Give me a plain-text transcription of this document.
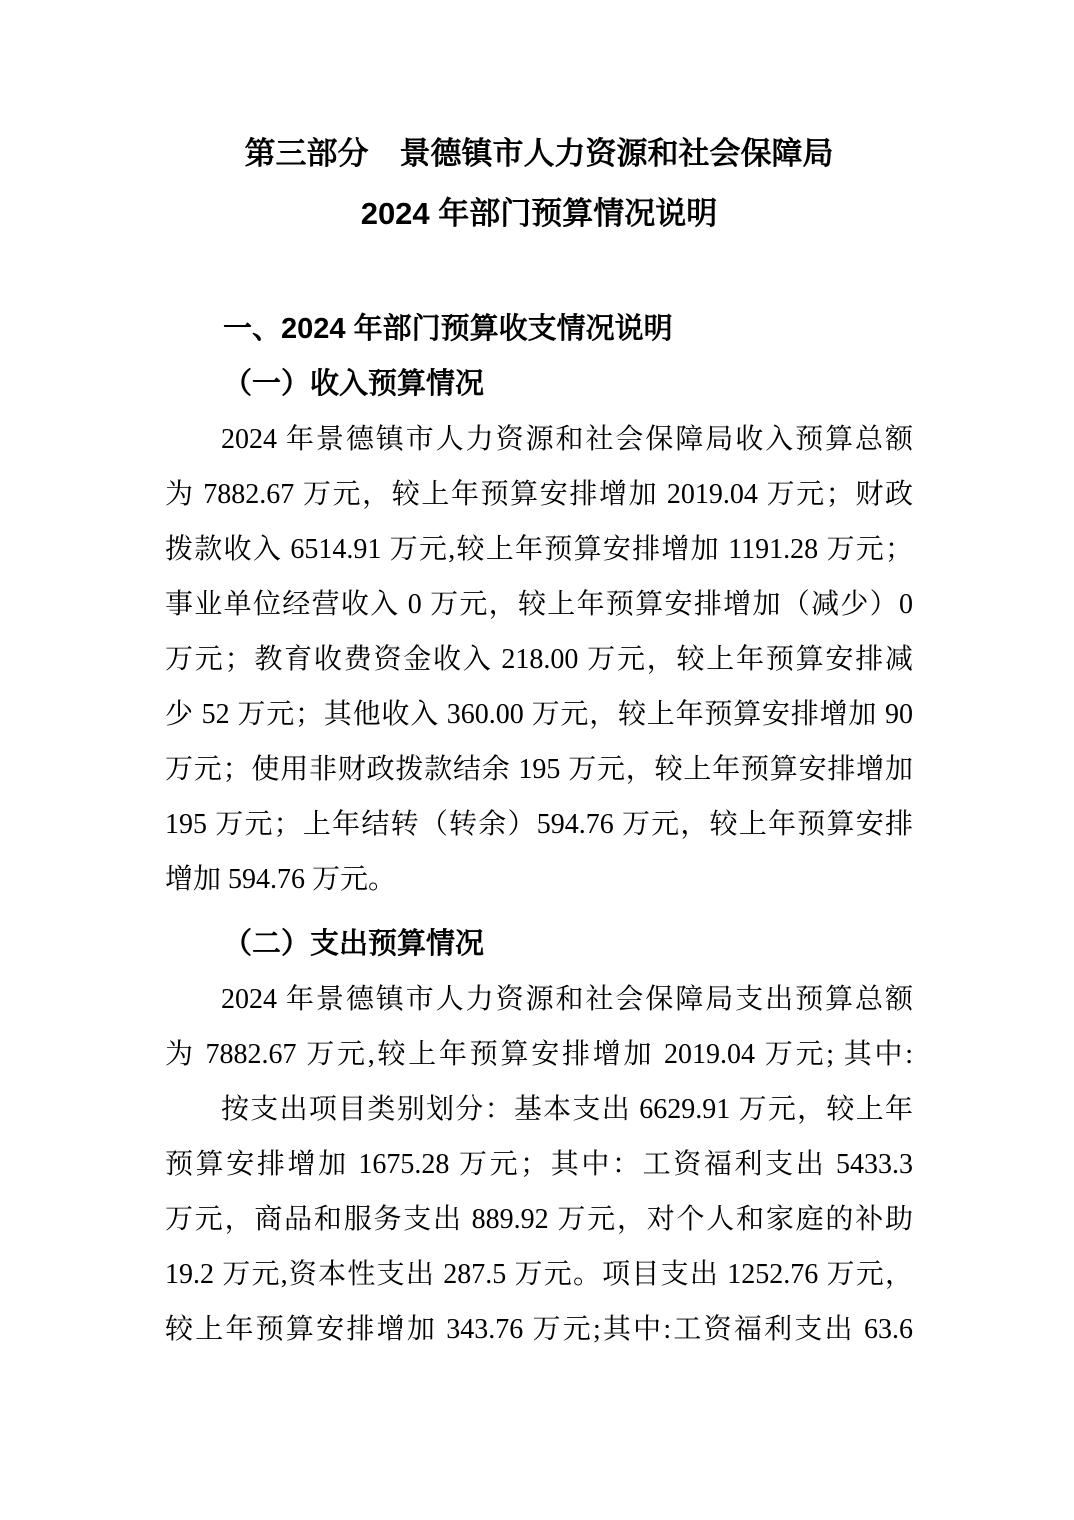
第三部分　景德镇市人力资源和社会保障局
2024 年部门预算情况说明
一、2024 年部门预算收支情况说明
（一）收入预算情况
2024 年景德镇市人力资源和社会保障局收入预算总额
为 7882.67 万元，较上年预算安排增加 2019.04 万元；财政
拨款收入 6514.91 万元,较上年预算安排增加 1191.28 万元；
事业单位经营收入 0 万元，较上年预算安排增加（减少）0
万元；教育收费资金收入 218.00 万元，较上年预算安排减
少 52 万元；其他收入 360.00 万元，较上年预算安排增加 90
万元；使用非财政拨款结余 195 万元，较上年预算安排增加
195 万元；上年结转（转余）594.76 万元，较上年预算安排
增加 594.76 万元。
（二）支出预算情况
2024 年景德镇市人力资源和社会保障局支出预算总额
为 7882.67 万元,较上年预算安排增加 2019.04 万元; 其中:
按支出项目类别划分：基本支出 6629.91 万元，较上年
预算安排增加 1675.28 万元；其中：工资福利支出 5433.3
万元，商品和服务支出 889.92 万元，对个人和家庭的补助
19.2 万元,资本性支出 287.5 万元。项目支出 1252.76 万元，
较上年预算安排增加 343.76 万元;其中:工资福利支出 63.6
